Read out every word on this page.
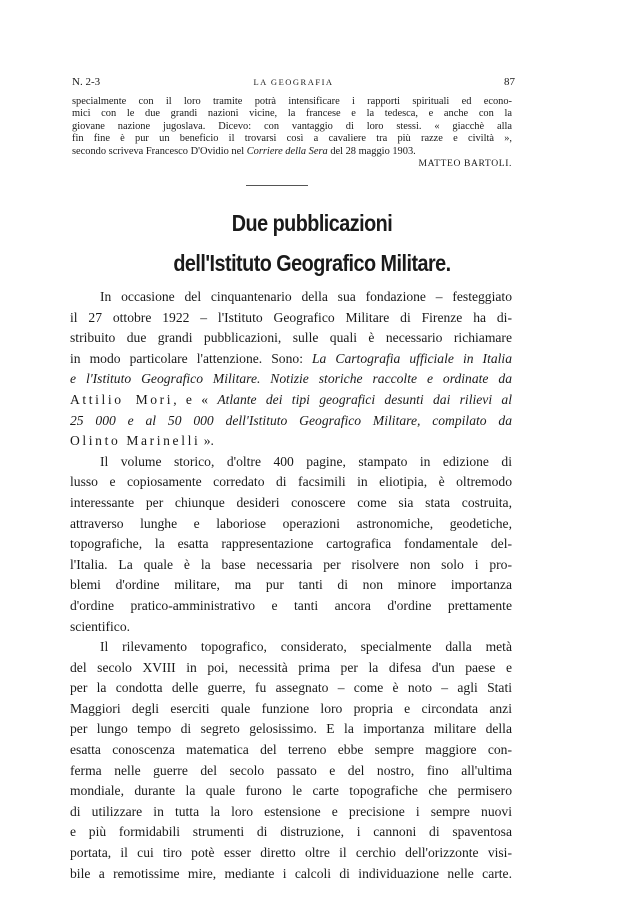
N. 2-3	LA GEOGRAFIA	87
specialmente con il loro tramite potrà intensificare i rapporti spirituali ed econo-
mici con le due grandi nazioni vicine, la francese e la tedesca, e anche con la
giovane nazione jugoslava. Dicevo: con vantaggio di loro stessi. « giacchè alla
fin fine è pur un beneficio il trovarsi così a cavaliere tra più razze e civiltà »,
secondo scriveva Francesco D'Ovidio nel Corriere della Sera del 28 maggio 1903.
MATTEO BARTOLI.
Due pubblicazioni
dell'Istituto Geografico Militare.
In occasione del cinquantenario della sua fondazione – festeggiato
il 27 ottobre 1922 – l'Istituto Geografico Militare di Firenze ha di-
stribuito due grandi pubblicazioni, sulle quali è necessario richiamare
in modo particolare l'attenzione. Sono: La Cartografia ufficiale in Italia
e l'Istituto Geografico Militare. Notizie storiche raccolte e ordinate da
Attilio Mori, e « Atlante dei tipi geografici desunti dai rilievi al
25 000 e al 50 000 dell'Istituto Geografico Militare, compilato da
Olinto Marinelli ».
Il volume storico, d'oltre 400 pagine, stampato in edizione di
lusso e copiosamente corredato di facsimili in eliotipia, è oltremodo
interessante per chiunque desideri conoscere come sia stata costruita,
attraverso lunghe e laboriose operazioni astronomiche, geodetiche,
topografiche, la esatta rappresentazione cartografica fondamentale del-
l'Italia. La quale è la base necessaria per risolvere non solo i pro-
blemi d'ordine militare, ma pur tanti di non minore importanza
d'ordine pratico-amministrativo e tanti ancora d'ordine prettamente
scientifico.
Il rilevamento topografico, considerato, specialmente dalla metà
del secolo XVIII in poi, necessità prima per la difesa d'un paese e
per la condotta delle guerre, fu assegnato – come è noto – agli Stati
Maggiori degli eserciti quale funzione loro propria e circondata anzi
per lungo tempo di segreto gelosissimo. E la importanza militare della
esatta conoscenza matematica del terreno ebbe sempre maggiore con-
ferma nelle guerre del secolo passato e del nostro, fino all'ultima
mondiale, durante la quale furono le carte topografiche che permisero
di utilizzare in tutta la loro estensione e precisione i sempre nuovi
e più formidabili strumenti di distruzione, i cannoni di spaventosa
portata, il cui tiro potè esser diretto oltre il cerchio dell'orizzonte visi-
bile a remotissime mire, mediante i calcoli di individuazione nelle carte.
